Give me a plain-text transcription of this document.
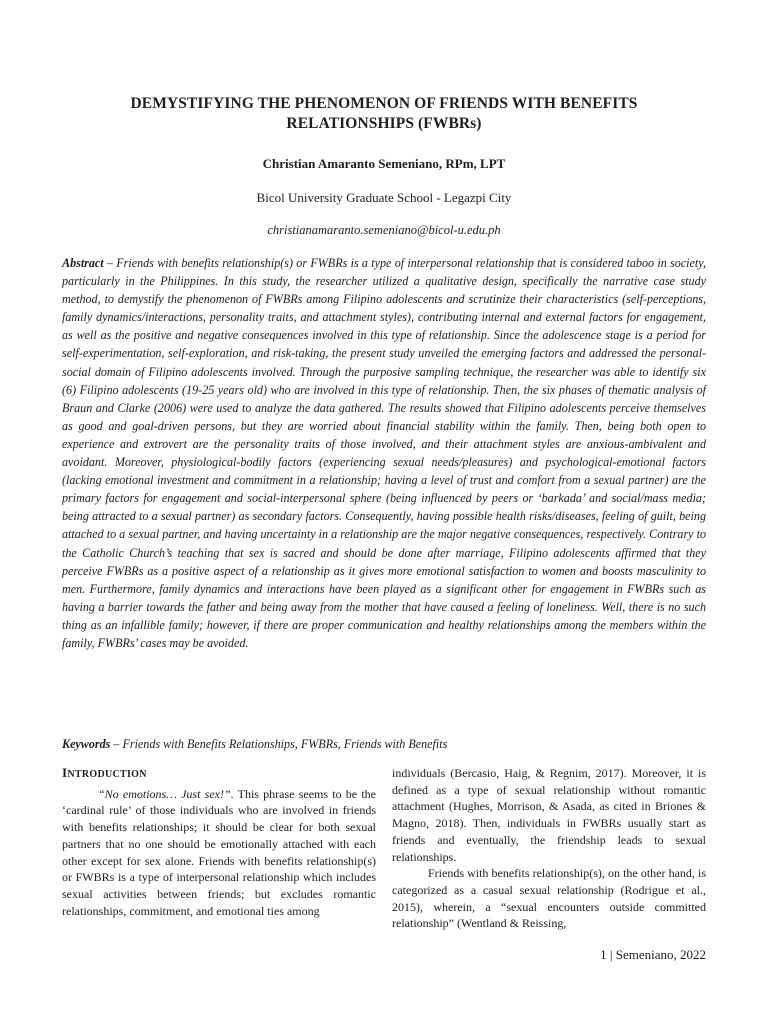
DEMYSTIFYING THE PHENOMENON OF FRIENDS WITH BENEFITS
RELATIONSHIPS (FWBRs)
Christian Amaranto Semeniano, RPm, LPT
Bicol University Graduate School - Legazpi City
christianamaranto.semeniano@bicol-u.edu.ph
Abstract – Friends with benefits relationship(s) or FWBRs is a type of interpersonal relationship that is considered taboo in society, particularly in the Philippines. In this study, the researcher utilized a qualitative design, specifically the narrative case study method, to demystify the phenomenon of FWBRs among Filipino adolescents and scrutinize their characteristics (self-perceptions, family dynamics/interactions, personality traits, and attachment styles), contributing internal and external factors for engagement, as well as the positive and negative consequences involved in this type of relationship. Since the adolescence stage is a period for self-experimentation, self-exploration, and risk-taking, the present study unveiled the emerging factors and addressed the personal-social domain of Filipino adolescents involved. Through the purposive sampling technique, the researcher was able to identify six (6) Filipino adolescents (19-25 years old) who are involved in this type of relationship. Then, the six phases of thematic analysis of Braun and Clarke (2006) were used to analyze the data gathered. The results showed that Filipino adolescents perceive themselves as good and goal-driven persons, but they are worried about financial stability within the family. Then, being both open to experience and extrovert are the personality traits of those involved, and their attachment styles are anxious-ambivalent and avoidant. Moreover, physiological-bodily factors (experiencing sexual needs/pleasures) and psychological-emotional factors (lacking emotional investment and commitment in a relationship; having a level of trust and comfort from a sexual partner) are the primary factors for engagement and social-interpersonal sphere (being influenced by peers or ‘barkada’ and social/mass media; being attracted to a sexual partner) as secondary factors. Consequently, having possible health risks/diseases, feeling of guilt, being attached to a sexual partner, and having uncertainty in a relationship are the major negative consequences, respectively. Contrary to the Catholic Church’s teaching that sex is sacred and should be done after marriage, Filipino adolescents affirmed that they perceive FWBRs as a positive aspect of a relationship as it gives more emotional satisfaction to women and boosts masculinity to men. Furthermore, family dynamics and interactions have been played as a significant other for engagement in FWBRs such as having a barrier towards the father and being away from the mother that have caused a feeling of loneliness. Well, there is no such thing as an infallible family; however, if there are proper communication and healthy relationships among the members within the family, FWBRs’ cases may be avoided.
Keywords – Friends with Benefits Relationships, FWBRs, Friends with Benefits
INTRODUCTION

“No emotions… Just sex!”. This phrase seems to be the ‘cardinal rule’ of those individuals who are involved in friends with benefits relationships; it should be clear for both sexual partners that no one should be emotionally attached with each other except for sex alone. Friends with benefits relationship(s) or FWBRs is a type of interpersonal relationship which includes sexual activities between friends; but excludes romantic relationships, commitment, and emotional ties among

individuals (Bercasio, Haig, & Regnim, 2017). Moreover, it is defined as a type of sexual relationship without romantic attachment (Hughes, Morrison, & Asada, as cited in Briones & Magno, 2018). Then, individuals in FWBRs usually start as friends and eventually, the friendship leads to sexual relationships.

Friends with benefits relationship(s), on the other hand, is categorized as a casual sexual relationship (Rodrigue et al., 2015), wherein, a “sexual encounters outside committed relationship” (Wentland & Reissing,

1 | Semeniano, 2022
